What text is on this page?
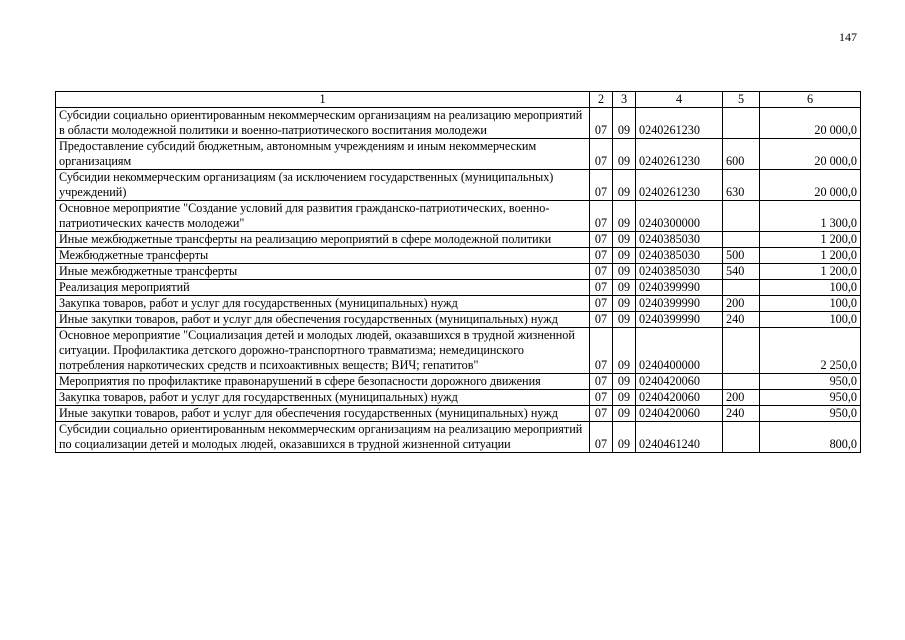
147
1	2	3	4	5	6
Субсидии социально ориентированным некоммерческим организациям на реализацию мероприятий в области молодежной политики и военно-патриотического воспитания молодежи	07	09	0240261230		20 000,0
Предоставление субсидий бюджетным, автономным учреждениям и иным некоммерческим организациям	07	09	0240261230	600	20 000,0
Субсидии некоммерческим организациям (за исключением государственных (муниципальных) учреждений)	07	09	0240261230	630	20 000,0
Основное мероприятие "Создание условий для развития гражданско-патриотических, военно-патриотических качеств молодежи"	07	09	0240300000		1 300,0
Иные межбюджетные трансферты на реализацию мероприятий в сфере молодежной политики	07	09	0240385030		1 200,0
Межбюджетные трансферты	07	09	0240385030	500	1 200,0
Иные межбюджетные трансферты	07	09	0240385030	540	1 200,0
Реализация мероприятий	07	09	0240399990		100,0
Закупка товаров, работ и услуг для государственных (муниципальных) нужд	07	09	0240399990	200	100,0
Иные закупки товаров, работ и услуг для обеспечения государственных (муниципальных) нужд	07	09	0240399990	240	100,0
Основное мероприятие "Социализация детей и молодых людей, оказавшихся в трудной жизненной ситуации. Профилактика детского дорожно-транспортного травматизма; немедицинского потребления наркотических средств и психоактивных веществ; ВИЧ; гепатитов"	07	09	0240400000		2 250,0
Мероприятия по профилактике правонарушений в сфере безопасности дорожного движения	07	09	0240420060		950,0
Закупка товаров, работ и услуг для государственных (муниципальных) нужд	07	09	0240420060	200	950,0
Иные закупки товаров, работ и услуг для обеспечения государственных (муниципальных) нужд	07	09	0240420060	240	950,0
Субсидии социально ориентированным некоммерческим организациям на реализацию мероприятий по социализации детей и молодых людей, оказавшихся в трудной жизненной ситуации	07	09	0240461240		800,0
